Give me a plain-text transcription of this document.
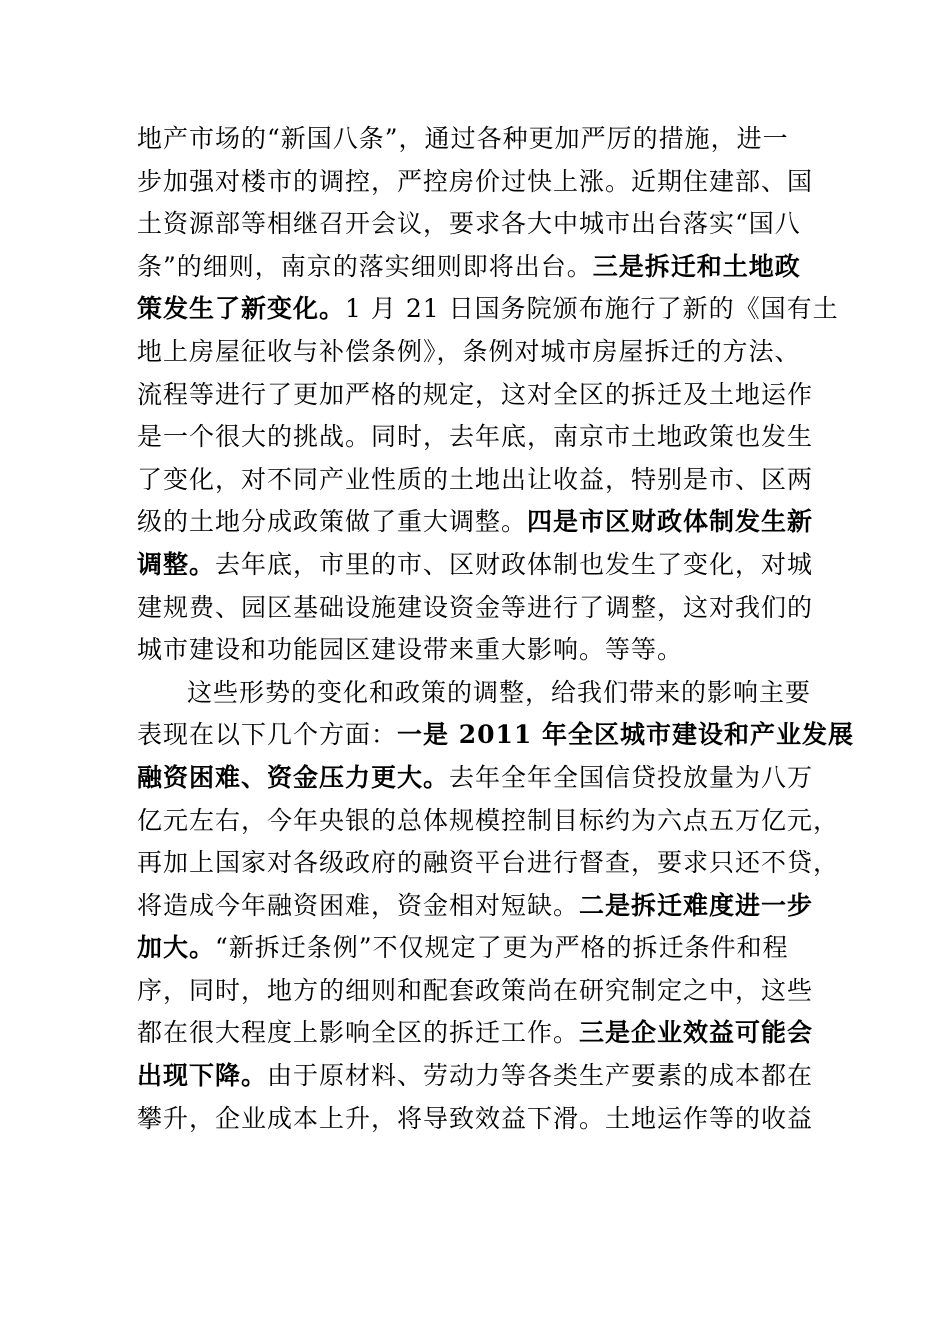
地产市场的“新国八条”，通过各种更加严厉的措施，进一
步加强对楼市的调控，严控房价过快上涨。近期住建部、国
土资源部等相继召开会议，要求各大中城市出台落实“国八
条”的细则，南京的落实细则即将出台。三是拆迁和土地政
策发生了新变化。1 月 21 日国务院颁布施行了新的《国有土
地上房屋征收与补偿条例》，条例对城市房屋拆迁的方法、
流程等进行了更加严格的规定，这对全区的拆迁及土地运作
是一个很大的挑战。同时，去年底，南京市土地政策也发生
了变化，对不同产业性质的土地出让收益，特别是市、区两
级的土地分成政策做了重大调整。四是市区财政体制发生新
调整。去年底，市里的市、区财政体制也发生了变化，对城
建规费、园区基础设施建设资金等进行了调整，这对我们的
城市建设和功能园区建设带来重大影响。等等。
这些形势的变化和政策的调整，给我们带来的影响主要
表现在以下几个方面：一是 2011 年全区城市建设和产业发展
融资困难、资金压力更大。去年全年全国信贷投放量为八万
亿元左右，今年央银的总体规模控制目标约为六点五万亿元，
再加上国家对各级政府的融资平台进行督查，要求只还不贷，
将造成今年融资困难，资金相对短缺。二是拆迁难度进一步
加大。“新拆迁条例”不仅规定了更为严格的拆迁条件和程
序，同时，地方的细则和配套政策尚在研究制定之中，这些
都在很大程度上影响全区的拆迁工作。三是企业效益可能会
出现下降。由于原材料、劳动力等各类生产要素的成本都在
攀升，企业成本上升，将导致效益下滑。土地运作等的收益
